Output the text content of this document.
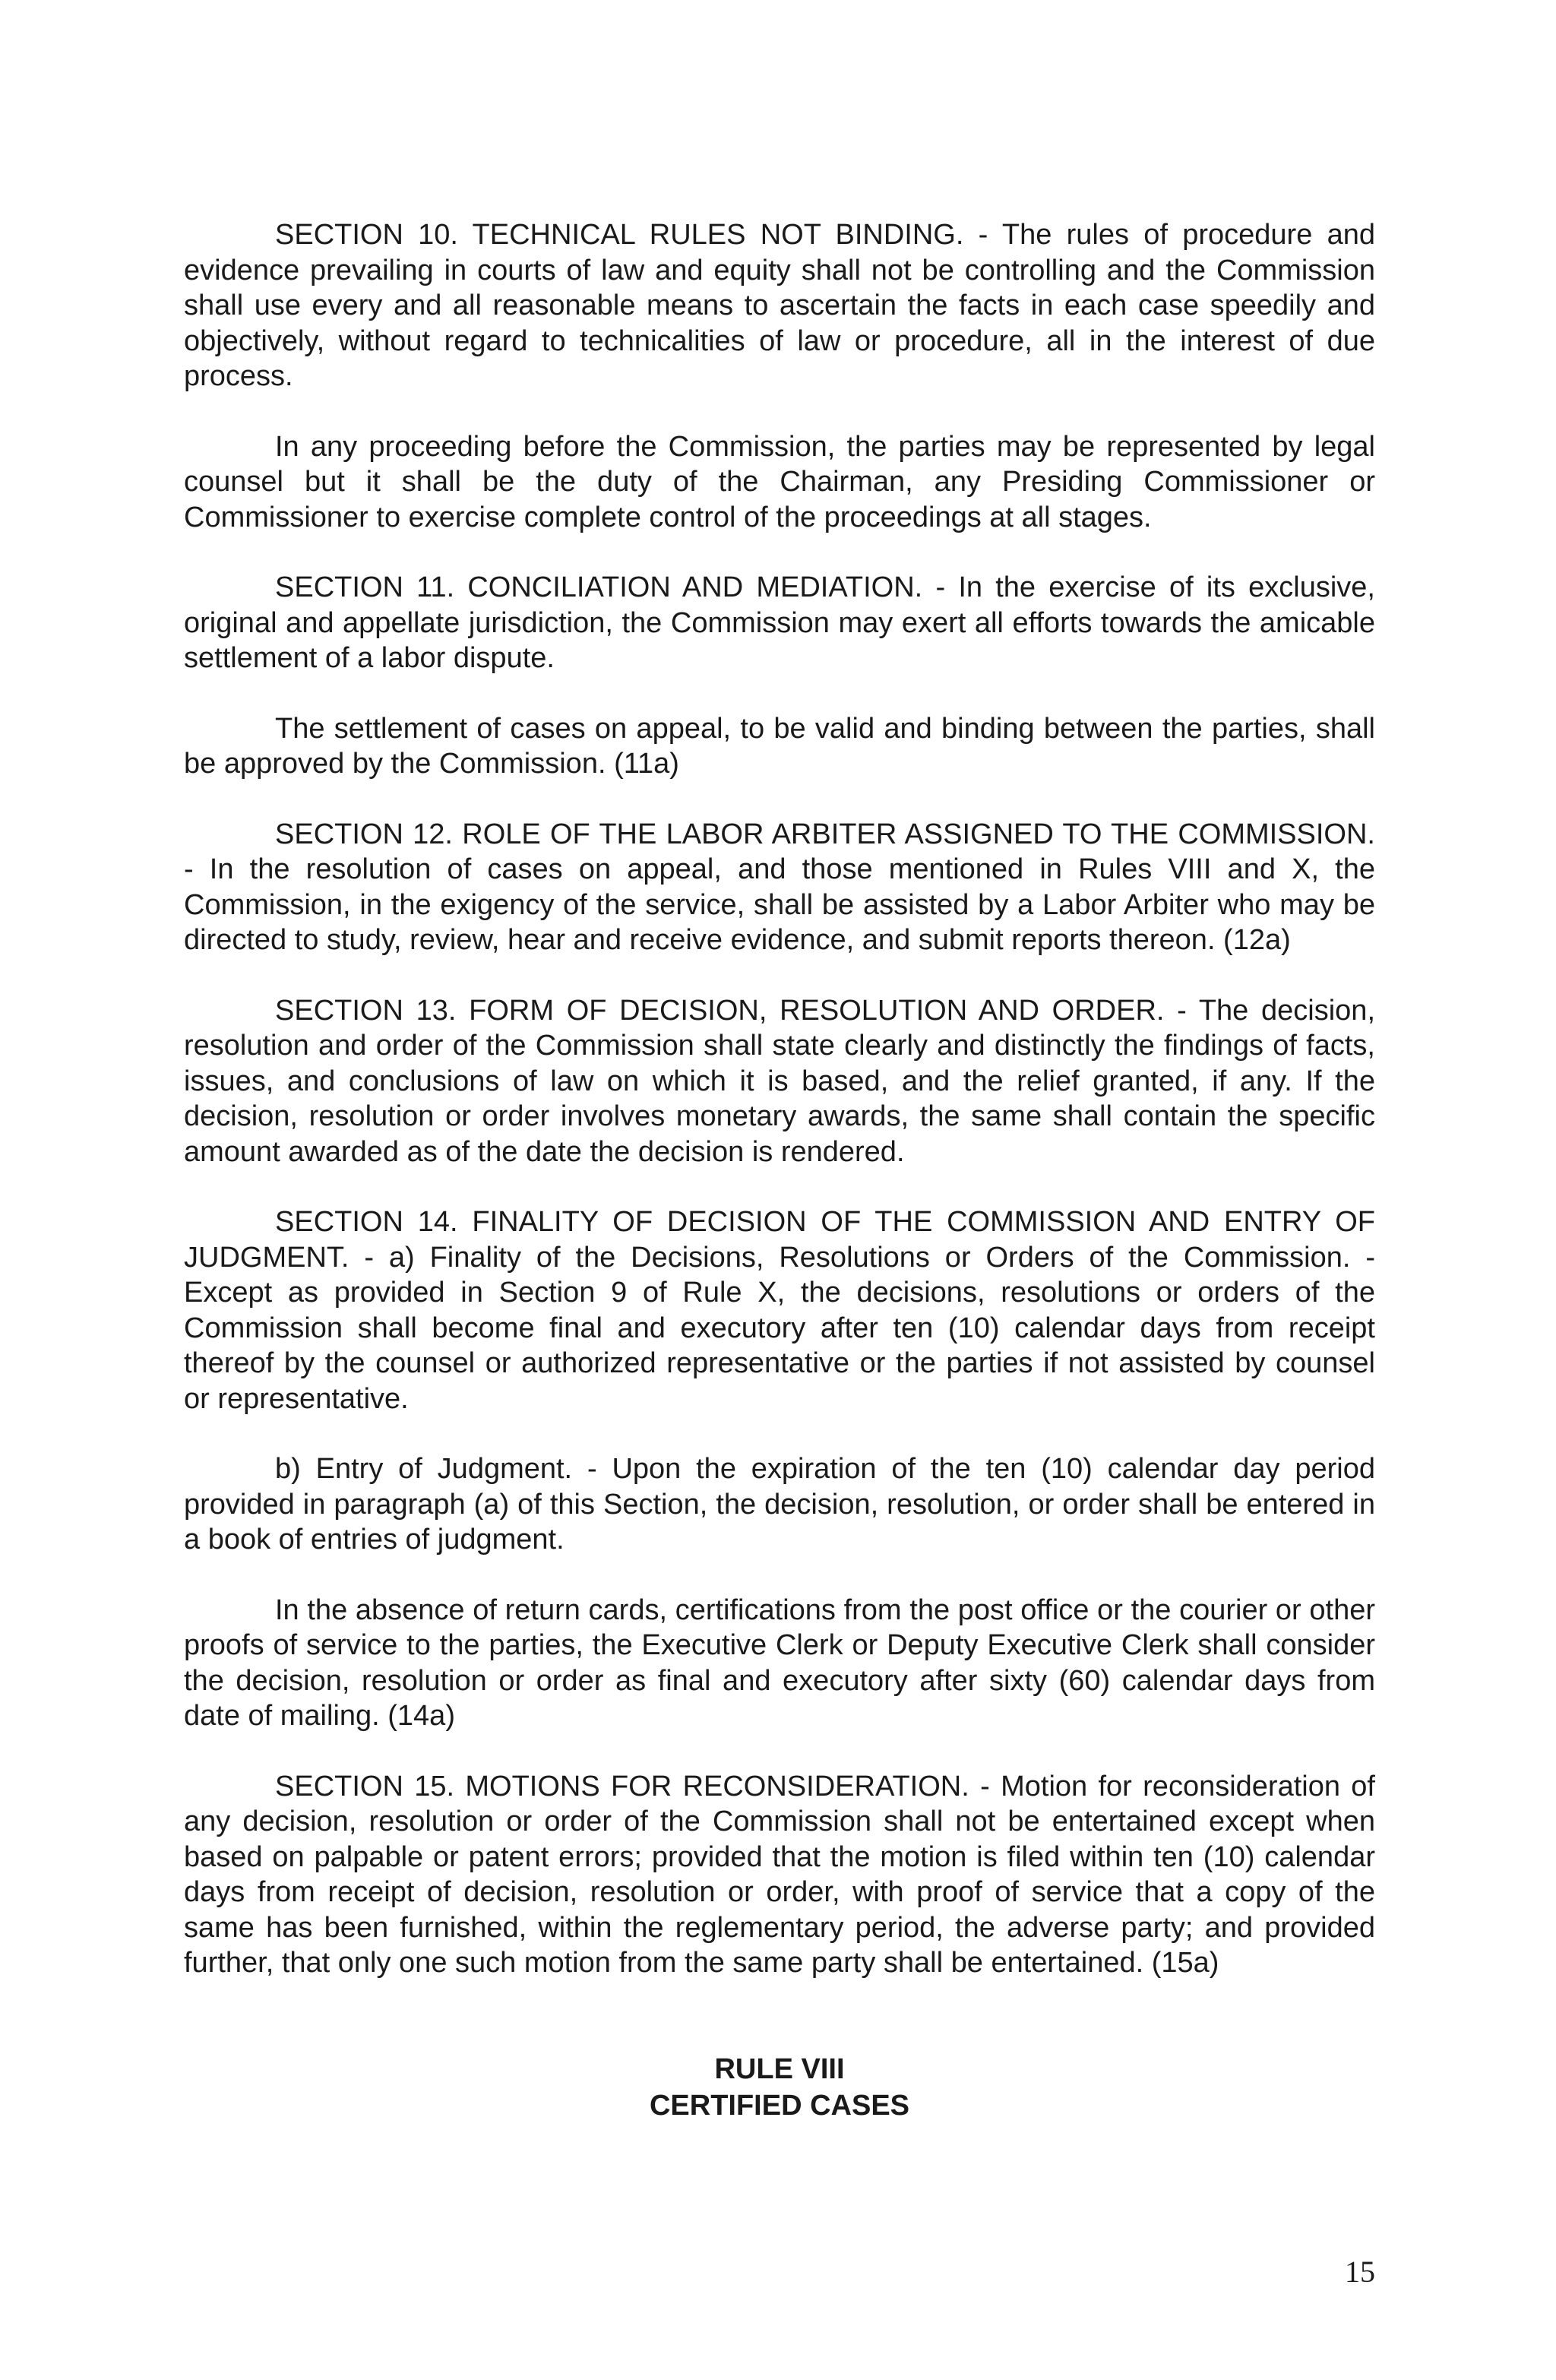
SECTION 10. TECHNICAL RULES NOT BINDING. - The rules of procedure and evidence prevailing in courts of law and equity shall not be controlling and the Commission shall use every and all reasonable means to ascertain the facts in each case speedily and objectively, without regard to technicalities of law or procedure, all in the interest of due process.

In any proceeding before the Commission, the parties may be represented by legal counsel but it shall be the duty of the Chairman, any Presiding Commissioner or Commissioner to exercise complete control of the proceedings at all stages.

SECTION 11. CONCILIATION AND MEDIATION. - In the exercise of its exclusive, original and appellate jurisdiction, the Commission may exert all efforts towards the amicable settlement of a labor dispute.

The settlement of cases on appeal, to be valid and binding between the parties, shall be approved by the Commission. (11a)

SECTION 12. ROLE OF THE LABOR ARBITER ASSIGNED TO THE COMMISSION. - In the resolution of cases on appeal, and those mentioned in Rules VIII and X, the Commission, in the exigency of the service, shall be assisted by a Labor Arbiter who may be directed to study, review, hear and receive evidence, and submit reports thereon. (12a)

SECTION 13. FORM OF DECISION, RESOLUTION AND ORDER. - The decision, resolution and order of the Commission shall state clearly and distinctly the findings of facts, issues, and conclusions of law on which it is based, and the relief granted, if any. If the decision, resolution or order involves monetary awards, the same shall contain the specific amount awarded as of the date the decision is rendered.

SECTION 14. FINALITY OF DECISION OF THE COMMISSION AND ENTRY OF JUDGMENT. - a) Finality of the Decisions, Resolutions or Orders of the Commission. - Except as provided in Section 9 of Rule X, the decisions, resolutions or orders of the Commission shall become final and executory after ten (10) calendar days from receipt thereof by the counsel or authorized representative or the parties if not assisted by counsel or representative.

b) Entry of Judgment. - Upon the expiration of the ten (10) calendar day period provided in paragraph (a) of this Section, the decision, resolution, or order shall be entered in a book of entries of judgment.

In the absence of return cards, certifications from the post office or the courier or other proofs of service to the parties, the Executive Clerk or Deputy Executive Clerk shall consider the decision, resolution or order as final and executory after sixty (60) calendar days from date of mailing. (14a)

SECTION 15. MOTIONS FOR RECONSIDERATION. - Motion for reconsideration of any decision, resolution or order of the Commission shall not be entertained except when based on palpable or patent errors; provided that the motion is filed within ten (10) calendar days from receipt of decision, resolution or order, with proof of service that a copy of the same has been furnished, within the reglementary period, the adverse party; and provided further, that only one such motion from the same party shall be entertained. (15a)

RULE VIII
CERTIFIED CASES
15
